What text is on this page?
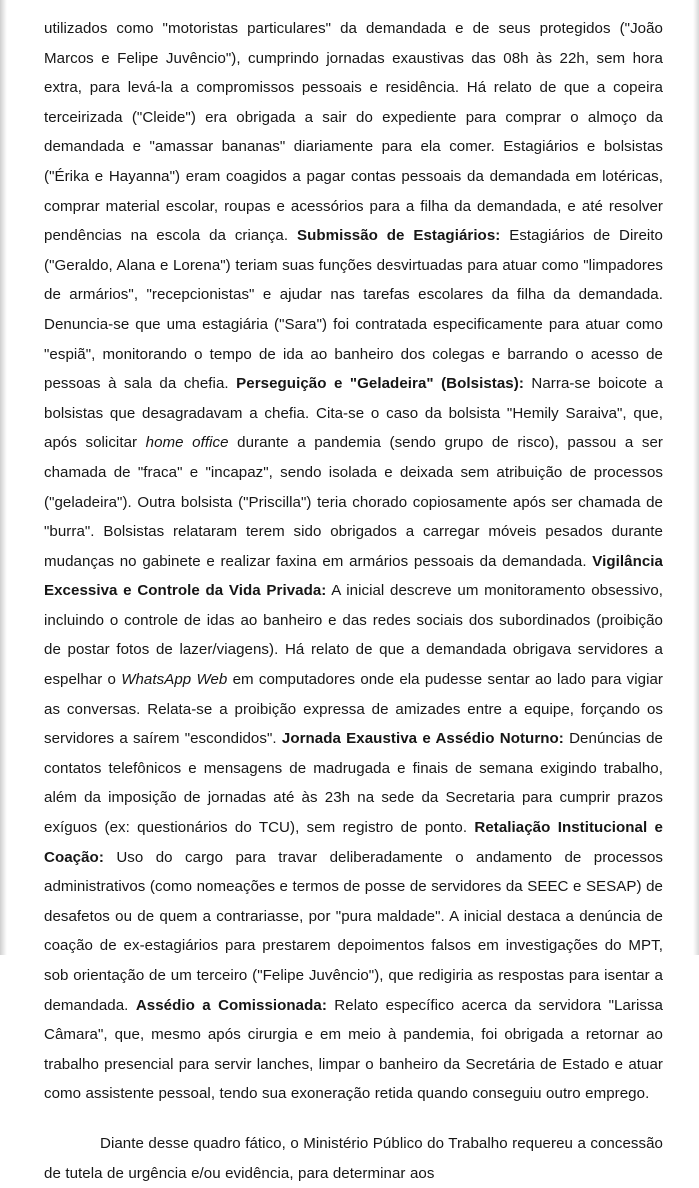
utilizados como "motoristas particulares" da demandada e de seus protegidos ("João Marcos e Felipe Juvêncio"), cumprindo jornadas exaustivas das 08h às 22h, sem hora extra, para levá-la a compromissos pessoais e residência. Há relato de que a copeira terceirizada ("Cleide") era obrigada a sair do expediente para comprar o almoço da demandada e "amassar bananas" diariamente para ela comer. Estagiários e bolsistas ("Érika e Hayanna") eram coagidos a pagar contas pessoais da demandada em lotéricas, comprar material escolar, roupas e acessórios para a filha da demandada, e até resolver pendências na escola da criança. Submissão de Estagiários: Estagiários de Direito ("Geraldo, Alana e Lorena") teriam suas funções desvirtuadas para atuar como "limpadores de armários", "recepcionistas" e ajudar nas tarefas escolares da filha da demandada. Denuncia-se que uma estagiária ("Sara") foi contratada especificamente para atuar como "espiã", monitorando o tempo de ida ao banheiro dos colegas e barrando o acesso de pessoas à sala da chefia. Perseguição e "Geladeira" (Bolsistas): Narra-se boicote a bolsistas que desagradavam a chefia. Cita-se o caso da bolsista "Hemily Saraiva", que, após solicitar home office durante a pandemia (sendo grupo de risco), passou a ser chamada de "fraca" e "incapaz", sendo isolada e deixada sem atribuição de processos ("geladeira"). Outra bolsista ("Priscilla") teria chorado copiosamente após ser chamada de "burra". Bolsistas relataram terem sido obrigados a carregar móveis pesados durante mudanças no gabinete e realizar faxina em armários pessoais da demandada. Vigilância Excessiva e Controle da Vida Privada: A inicial descreve um monitoramento obsessivo, incluindo o controle de idas ao banheiro e das redes sociais dos subordinados (proibição de postar fotos de lazer/viagens). Há relato de que a demandada obrigava servidores a espelhar o WhatsApp Web em computadores onde ela pudesse sentar ao lado para vigiar as conversas. Relata-se a proibição expressa de amizades entre a equipe, forçando os servidores a saírem "escondidos". Jornada Exaustiva e Assédio Noturno: Denúncias de contatos telefônicos e mensagens de madrugada e finais de semana exigindo trabalho, além da imposição de jornadas até às 23h na sede da Secretaria para cumprir prazos exíguos (ex: questionários do TCU), sem registro de ponto. Retaliação Institucional e Coação: Uso do cargo para travar deliberadamente o andamento de processos administrativos (como nomeações e termos de posse de servidores da SEEC e SESAP) de desafetos ou de quem a contrariasse, por "pura maldade". A inicial destaca a denúncia de coação de ex-estagiários para prestarem depoimentos falsos em investigações do MPT, sob orientação de um terceiro ("Felipe Juvêncio"), que redigiria as respostas para isentar a demandada. Assédio a Comissionada: Relato específico acerca da servidora "Larissa Câmara", que, mesmo após cirurgia e em meio à pandemia, foi obrigada a retornar ao trabalho presencial para servir lanches, limpar o banheiro da Secretária de Estado e atuar como assistente pessoal, tendo sua exoneração retida quando conseguiu outro emprego.

Diante desse quadro fático, o Ministério Público do Trabalho requereu a concessão de tutela de urgência e/ou evidência, para determinar aos
